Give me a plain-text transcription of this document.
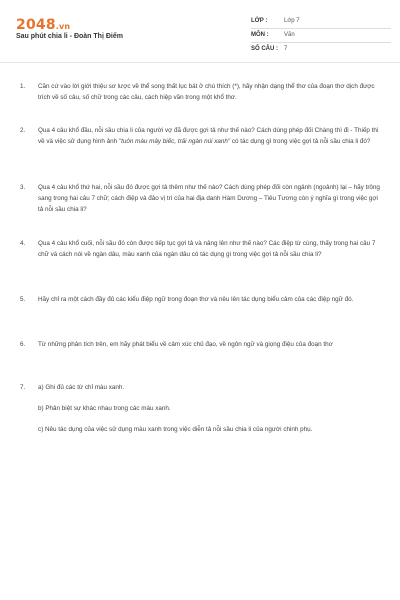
2048.vn
Sau phút chia li - Đoàn Thị Điểm
LỚP :	Lớp 7
MÔN :	Văn
SỐ CÂU : 7
1. Căn cứ vào lời giới thiệu sơ lược về thể song thất lục bát ở chú thích (*), hãy nhận dạng thể thơ của đoạn thơ dịch được trích về số câu, số chữ trong các câu, cách hiệp vần trong một khổ thơ.
2. Qua 4 câu khổ đầu, nỗi sầu chia li của người vợ đã được gợi tả như thế nào? Cách dùng phép đối Chàng thì đi - Thiếp thì về và việc sử dụng hình ảnh "tuôn màu mây biếc, trải ngàn núi xanh" có tác dụng gì trong việc gợi tả nỗi sầu chia li đó?
3. Qua 4 câu khổ thứ hai, nỗi sầu đó được gợi tả thêm như thế nào? Cách dùng phép đối còn ngảnh (ngoảnh) lại – hãy trông sang trong hai câu 7 chữ; cách điệp và đảo vị trí của hai địa danh Hàm Dương – Tiêu Tương còn ý nghĩa gì trong việc gợi tả nỗi sầu chia li?
4. Qua 4 câu khổ cuối, nỗi sầu đó còn được tiếp tục gợi tả và nâng lên như thế nào? Các điệp từ cùng, thấy trong hai câu 7 chữ và cách nói về ngàn dâu, màu xanh của ngàn dâu có tác dụng gì trong việc gợi tả nỗi sầu chia li?
5. Hãy chỉ ra một cách đầy đủ các kiểu điệp ngữ trong đoạn thơ và nêu lên tác dụng biểu cảm của các điệp ngữ đó.
6. Từ những phân tích trên, em hãy phát biểu về cảm xúc chủ đạo, về ngôn ngữ và giọng điệu của đoạn thơ
7. a) Ghi đủ các từ chỉ màu xanh.
b) Phân biệt sự khác nhau trong các màu xanh.
c) Nêu tác dụng của việc sử dụng màu xanh trong việc diễn tả nỗi sầu chia li của người chinh phụ.
